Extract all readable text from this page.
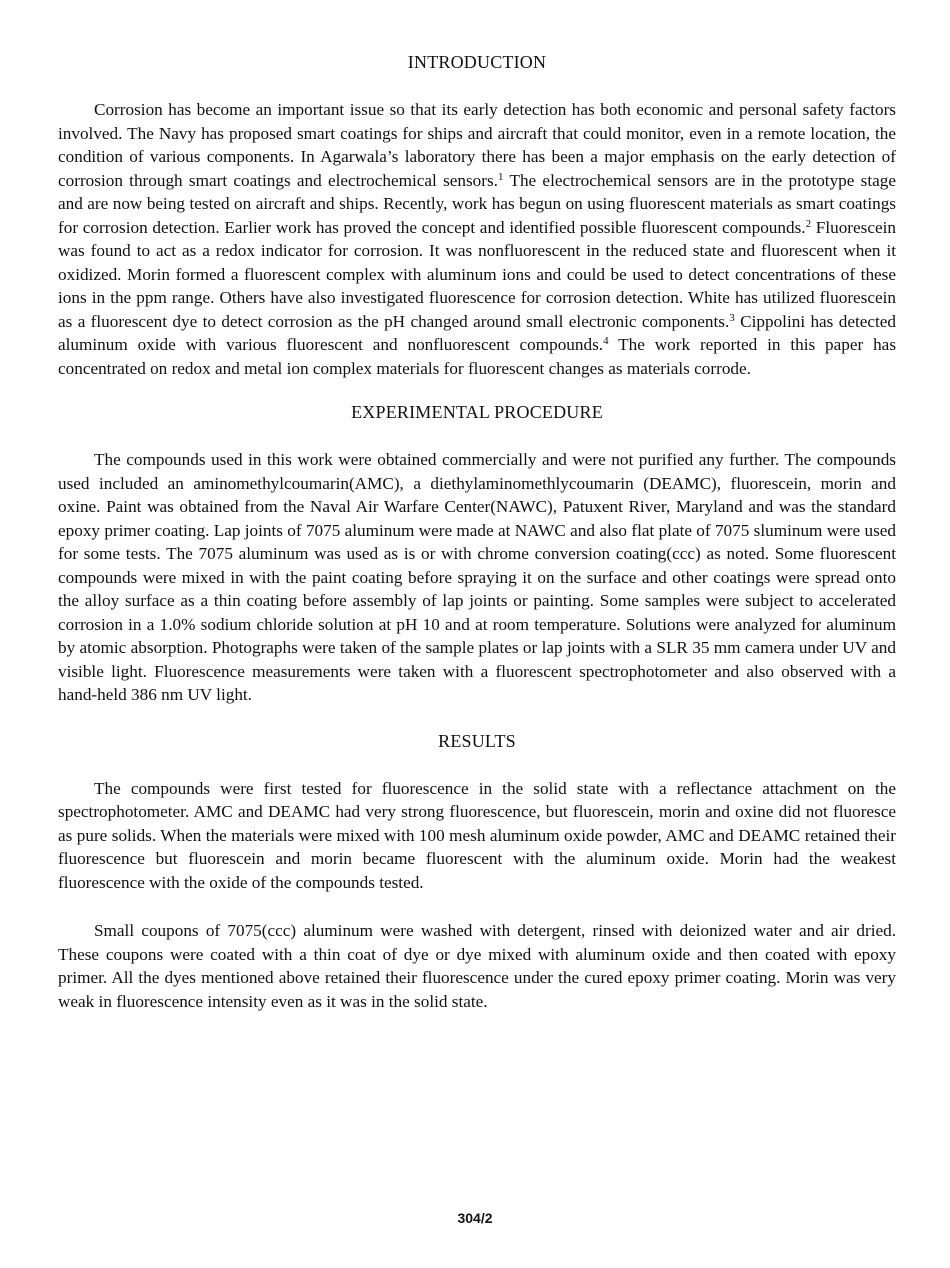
INTRODUCTION

Corrosion has become an important issue so that its early detection has both economic and personal safety factors involved. The Navy has proposed smart coatings for ships and aircraft that could monitor, even in a remote location, the condition of various components. In Agarwala’s laboratory there has been a major emphasis on the early detection of corrosion through smart coatings and electrochemical sensors.$^1$ The electrochemical sensors are in the prototype stage and are now being tested on aircraft and ships. Recently, work has begun on using fluorescent materials as smart coatings for corrosion detection. Earlier work has proved the concept and identified possible fluorescent compounds.$^2$ Fluorescein was found to act as a redox indicator for corrosion. It was nonfluorescent in the reduced state and fluorescent when it oxidized. Morin formed a fluorescent complex with aluminum ions and could be used to detect concentrations of these ions in the ppm range. Others have also investigated fluorescence for corrosion detection. White has utilized fluorescein as a fluorescent dye to detect corrosion as the pH changed around small electronic components.$^3$ Cippolini has detected aluminum oxide with various fluorescent and nonfluorescent compounds.$^4$ The work reported in this paper has concentrated on redox and metal ion complex materials for fluorescent changes as materials corrode.

EXPERIMENTAL PROCEDURE

The compounds used in this work were obtained commercially and were not purified any further. The compounds used included an aminomethylcoumarin(AMC), a diethylaminomethlycoumarin (DEAMC), fluorescein, morin and oxine. Paint was obtained from the Naval Air Warfare Center(NAWC), Patuxent River, Maryland and was the standard epoxy primer coating. Lap joints of 7075 aluminum were made at NAWC and also flat plate of 7075 sluminum were used for some tests. The 7075 aluminum was used as is or with chrome conversion coating(ccc) as noted. Some fluorescent compounds were mixed in with the paint coating before spraying it on the surface and other coatings were spread onto the alloy surface as a thin coating before assembly of lap joints or painting. Some samples were subject to accelerated corrosion in a 1.0% sodium chloride solution at pH 10 and at room temperature. Solutions were analyzed for aluminum by atomic absorption. Photographs were taken of the sample plates or lap joints with a SLR 35 mm camera under UV and visible light. Fluorescence measurements were taken with a fluorescent spectrophotometer and also observed with a hand-held 386 nm UV light.

RESULTS

The compounds were first tested for fluorescence in the solid state with a reflectance attachment on the spectrophotometer. AMC and DEAMC had very strong fluorescence, but fluorescein, morin and oxine did not fluoresce as pure solids. When the materials were mixed with 100 mesh aluminum oxide powder, AMC and DEAMC retained their fluorescence but fluorescein and morin became fluorescent with the aluminum oxide. Morin had the weakest fluorescence with the oxide of the compounds tested.

Small coupons of 7075(ccc) aluminum were washed with detergent, rinsed with deionized water and air dried. These coupons were coated with a thin coat of dye or dye mixed with aluminum oxide and then coated with epoxy primer. All the dyes mentioned above retained their fluorescence under the cured epoxy primer coating. Morin was very weak in fluorescence intensity even as it was in the solid state.

304/2
